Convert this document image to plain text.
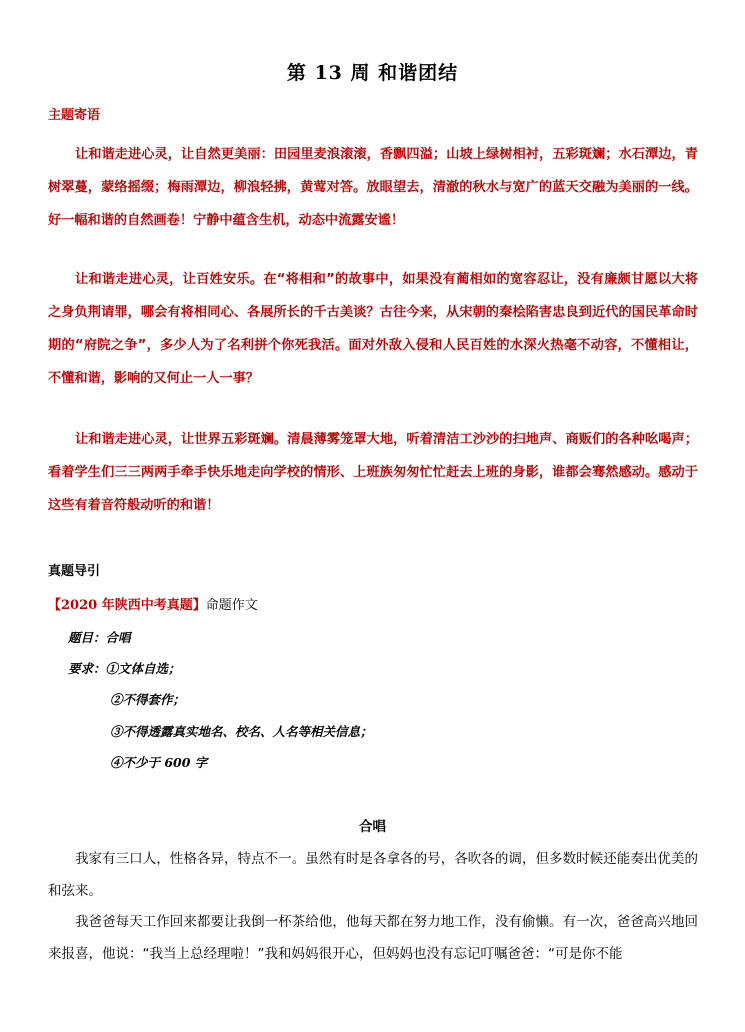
第 13 周 和谐团结
主题寄语

让和谐走进心灵，让自然更美丽：田园里麦浪滚滚，香飘四溢；山坡上绿树相衬，五彩斑斓；水石潭边，青树翠蔓，蒙络摇缀；梅雨潭边，柳浪轻拂，黄莺对答。放眼望去，清澈的秋水与宽广的蓝天交融为美丽的一线。好一幅和谐的自然画卷！宁静中蕴含生机，动态中流露安谧！

让和谐走进心灵，让百姓安乐。在“将相和”的故事中，如果没有蔺相如的宽容忍让，没有廉颇甘愿以大将之身负荆请罪，哪会有将相同心、各展所长的千古美谈？古往今来，从宋朝的秦桧陷害忠良到近代的国民革命时期的“府院之争”，多少人为了名利拼个你死我活。面对外敌入侵和人民百姓的水深火热毫不动容，不懂相让，不懂和谐，影响的又何止一人一事？

让和谐走进心灵，让世界五彩斑斓。清晨薄雾笼罩大地，听着清洁工沙沙的扫地声、商贩们的各种吆喝声；看着学生们三三两两手牵手快乐地走向学校的情形、上班族匆匆忙忙赶去上班的身影，谁都会骞然感动。感动于这些有着音符般动听的和谐！

真题导引
【2020 年陕西中考真题】命题作文
题目：合唱
要求：①文体自选；
②不得套作；
③不得透露真实地名、校名、人名等相关信息；
④不少于 600 字
合唱

我家有三口人，性格各异，特点不一。虽然有时是各拿各的号，各吹各的调，但多数时候还能奏出优美的和弦来。

我爸爸每天工作回来都要让我倒一杯茶给他，他每天都在努力地工作，没有偷懒。有一次，爸爸高兴地回来报喜，他说：“我当上总经理啦！”我和妈妈很开心，但妈妈也没有忘记叮嘱爸爸：“可是你不能
